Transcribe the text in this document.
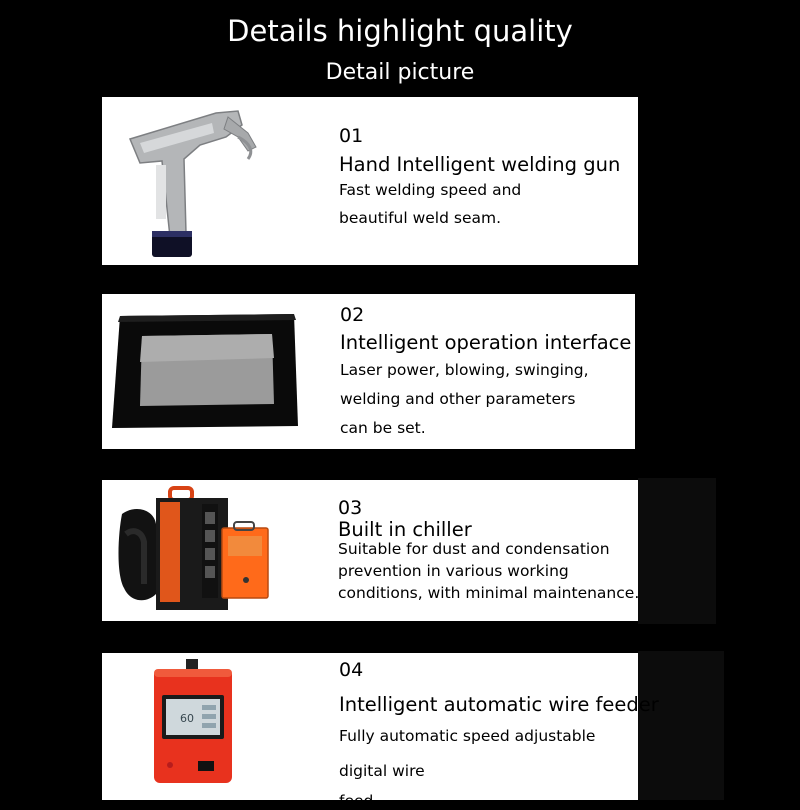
Details highlight quality
Detail picture
01
Hand Intelligent welding gun
Fast welding speed and
beautiful weld seam.
02
Intelligent operation interface
Laser power, blowing, swinging,
welding and other parameters
can be set.
03
Built in chiller
Suitable for dust and condensation
prevention in various working
conditions, with minimal maintenance.
60
04
Intelligent automatic wire feeder
Fully automatic speed adjustable
digital wire
feed
